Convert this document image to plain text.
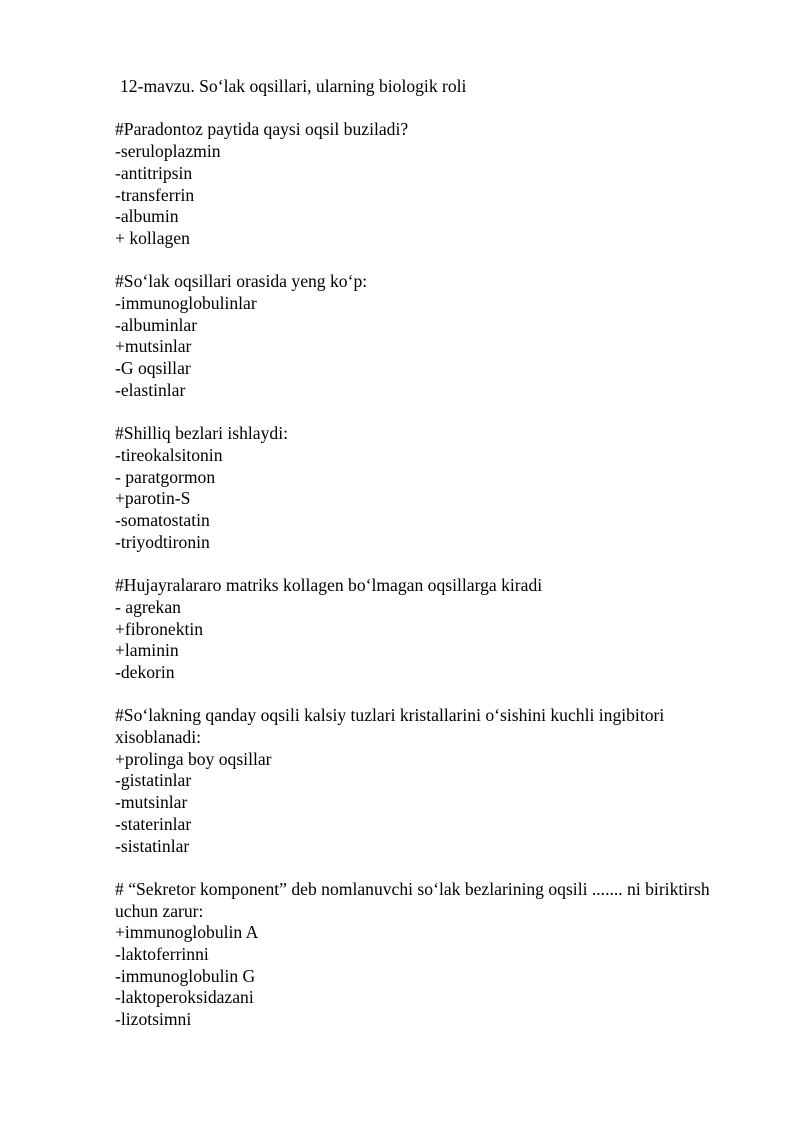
12-mavzu. So‘lak oqsillari, ularning biologik roli
#Paradontoz paytida qaysi oqsil buziladi?
-seruloplazmin
-antitripsin
-transferrin
-albumin
+ kollagen
#So‘lak oqsillari orasida yeng ko‘p:
-immunoglobulinlar
-albuminlar
+mutsinlar
-G oqsillar
-elastinlar
#Shilliq bezlari ishlaydi:
-tireokalsitonin
- paratgormon
+parotin-S
-somatostatin
-triyodtironin
#Hujayralararo matriks kollagen bo‘lmagan oqsillarga kiradi
- agrekan
+fibronektin
+laminin
-dekorin
#So‘lakning qanday oqsili kalsiy tuzlari kristallarini o‘sishini kuchli ingibitori xisoblanadi:
+prolinga boy oqsillar
-gistatinlar
-mutsinlar
-staterinlar
-sistatinlar
# “Sekretor komponent” deb nomlanuvchi so‘lak bezlarining oqsili ....... ni biriktirsh uchun zarur:
+immunoglobulin A
-laktoferrinni
-immunoglobulin G
-laktoperoksidazani
-lizotsimni
